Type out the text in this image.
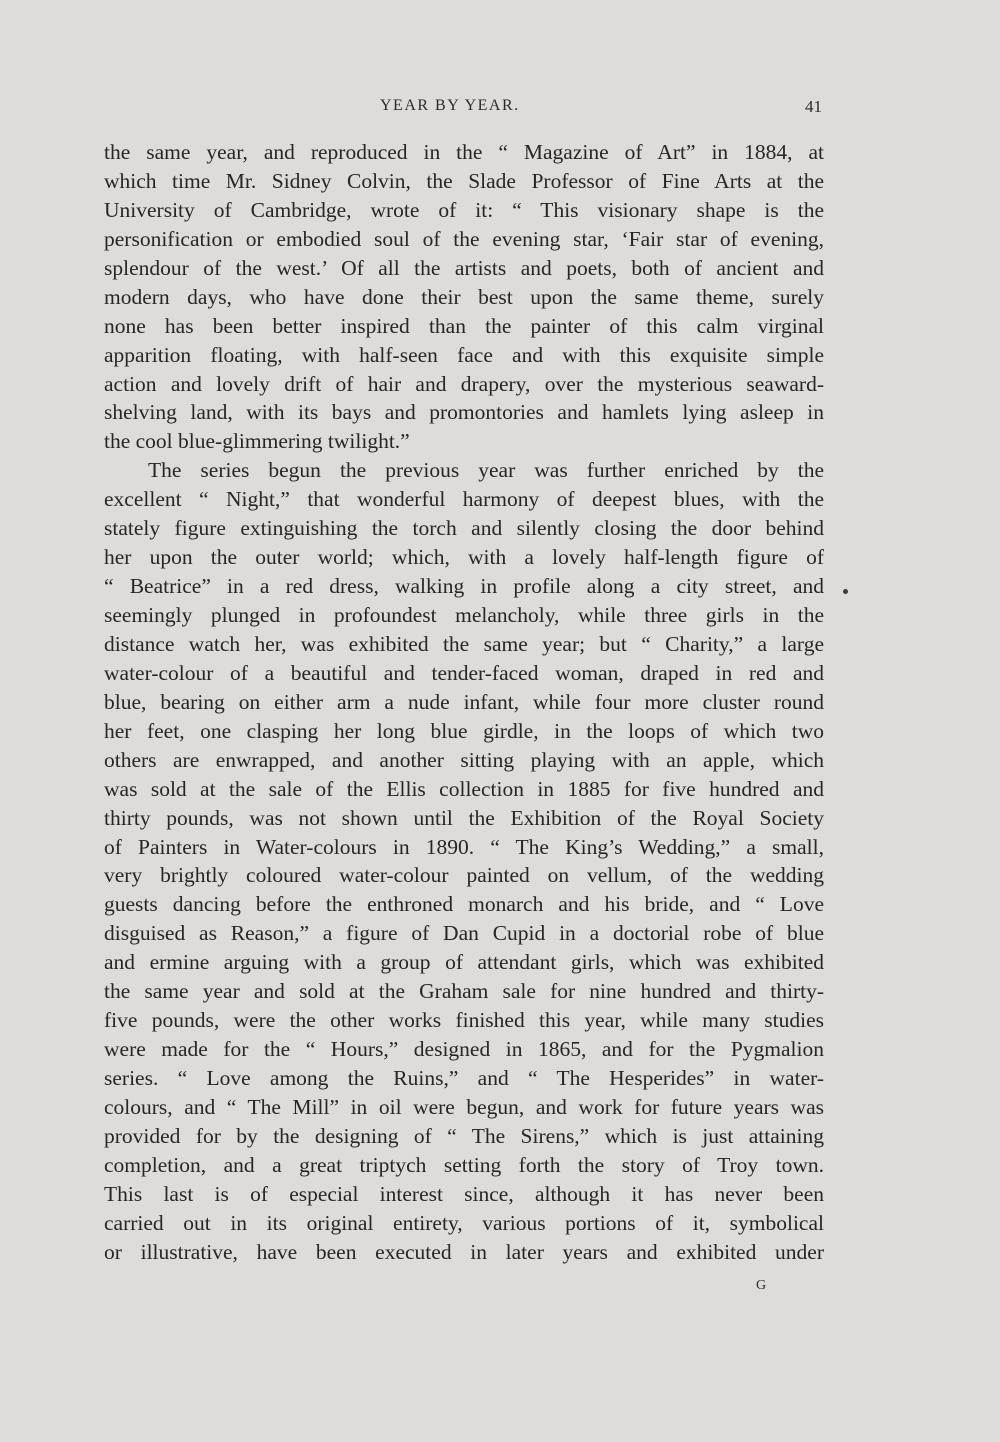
YEAR BY YEAR.	41
the same year, and reproduced in the “ Magazine of Art” in 1884, at
which time Mr. Sidney Colvin, the Slade Professor of Fine Arts at the
University of Cambridge, wrote of it: “ This visionary shape is the
personification or embodied soul of the evening star, ‘Fair star of evening,
splendour of the west.’ Of all the artists and poets, both of ancient and
modern days, who have done their best upon the same theme, surely
none has been better inspired than the painter of this calm virginal
apparition floating, with half-seen face and with this exquisite simple
action and lovely drift of hair and drapery, over the mysterious seaward-
shelving land, with its bays and promontories and hamlets lying asleep in
the cool blue-glimmering twilight.”
The series begun the previous year was further enriched by the
excellent “ Night,” that wonderful harmony of deepest blues, with the
stately figure extinguishing the torch and silently closing the door behind
her upon the outer world; which, with a lovely half-length figure of
“ Beatrice” in a red dress, walking in profile along a city street, and
seemingly plunged in profoundest melancholy, while three girls in the
distance watch her, was exhibited the same year; but “ Charity,” a large
water-colour of a beautiful and tender-faced woman, draped in red and
blue, bearing on either arm a nude infant, while four more cluster round
her feet, one clasping her long blue girdle, in the loops of which two
others are enwrapped, and another sitting playing with an apple, which
was sold at the sale of the Ellis collection in 1885 for five hundred and
thirty pounds, was not shown until the Exhibition of the Royal Society
of Painters in Water-colours in 1890. “ The King’s Wedding,” a small,
very brightly coloured water-colour painted on vellum, of the wedding
guests dancing before the enthroned monarch and his bride, and “ Love
disguised as Reason,” a figure of Dan Cupid in a doctorial robe of blue
and ermine arguing with a group of attendant girls, which was exhibited
the same year and sold at the Graham sale for nine hundred and thirty-
five pounds, were the other works finished this year, while many studies
were made for the “ Hours,” designed in 1865, and for the Pygmalion
series. “ Love among the Ruins,” and “ The Hesperides” in water-
colours, and “ The Mill” in oil were begun, and work for future years was
provided for by the designing of “ The Sirens,” which is just attaining
completion, and a great triptych setting forth the story of Troy town.
This last is of especial interest since, although it has never been
carried out in its original entirety, various portions of it, symbolical
or illustrative, have been executed in later years and exhibited under
G
